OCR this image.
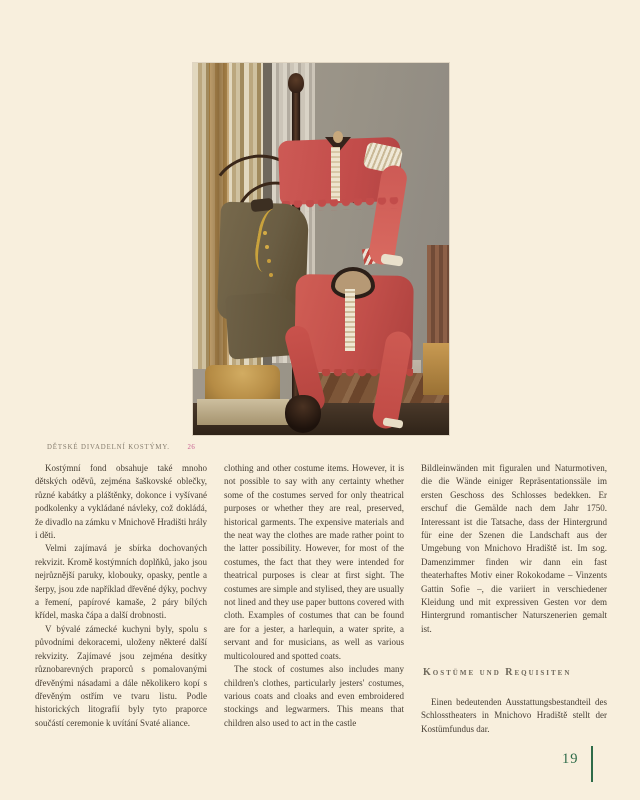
DĚTSKÉ DIVADELNÍ KOSTÝMY.	26

Kostýmní fond obsahuje také mnoho dětských oděvů, zejména šaškovské oblečky, různé kabátky a pláštěnky, dokonce i vyšívané podkolenky a vykládané návleky, což dokládá, že divadlo na zámku v Mnichově Hradišti hrály i děti.

Velmi zajímavá je sbírka dochovaných rekvizit. Kromě kostýmních doplňků, jako jsou nejrůznější paruky, klobouky, opasky, pentle a šerpy, jsou zde například dřevěné dýky, pochvy a řemení, papírové kamaše, 2 páry bílých křídel, maska čápa a další drobnosti.

V bývalé zámecké kuchyni byly, spolu s původními dekoracemi, uloženy některé další rekvizity. Zajímavé jsou zejména desítky různobarevných praporců s pomalovanými dřevěnými násadami a dále několikero kopí s dřevěným ostřím ve tvaru listu. Podle historických litografií byly tyto praporce součástí ceremonie k uvítání Svaté aliance.

clothing and other costume items. However, it is not possible to say with any certainty whether some of the costumes served for only theatrical purposes or whether they are real, preserved, historical garments. The expensive materials and the neat way the clothes are made rather point to the latter possibility. However, for most of the costumes, the fact that they were intended for theatrical purposes is clear at first sight. The costumes are simple and stylised, they are usually not lined and they use paper buttons covered with cloth. Examples of costumes that can be found are for a jester, a harlequin, a water sprite, a servant and for musicians, as well as various multicoloured and spotted coats.

The stock of costumes also includes many children's clothes, particularly jesters' costumes, various coats and cloaks and even embroidered stockings and legwarmers. This means that children also used to act in the castle

Bildleinwänden mit figuralen und Naturmotiven, die die Wände einiger Repräsentationssäle im ersten Geschoss des Schlosses bedekken. Er erschuf die Gemälde nach dem Jahr 1750. Interessant ist die Tatsache, dass der Hintergrund für eine der Szenen die Landschaft aus der Umgebung von Mnichovo Hradiště ist. Im sog. Damenzimmer finden wir dann ein fast theaterhaftes Motiv einer Rokokodame – Vinzents Gattin Sofie –, die variiert in verschiedener Kleidung und mit expressiven Gesten vor dem Hintergrund romantischer Naturszenerien gemalt ist.

Kostüme und Requisiten

Einen bedeutenden Ausstattungsbestandteil des Schlosstheaters in Mnichovo Hradiště stellt der Kostümfundus dar.

19
